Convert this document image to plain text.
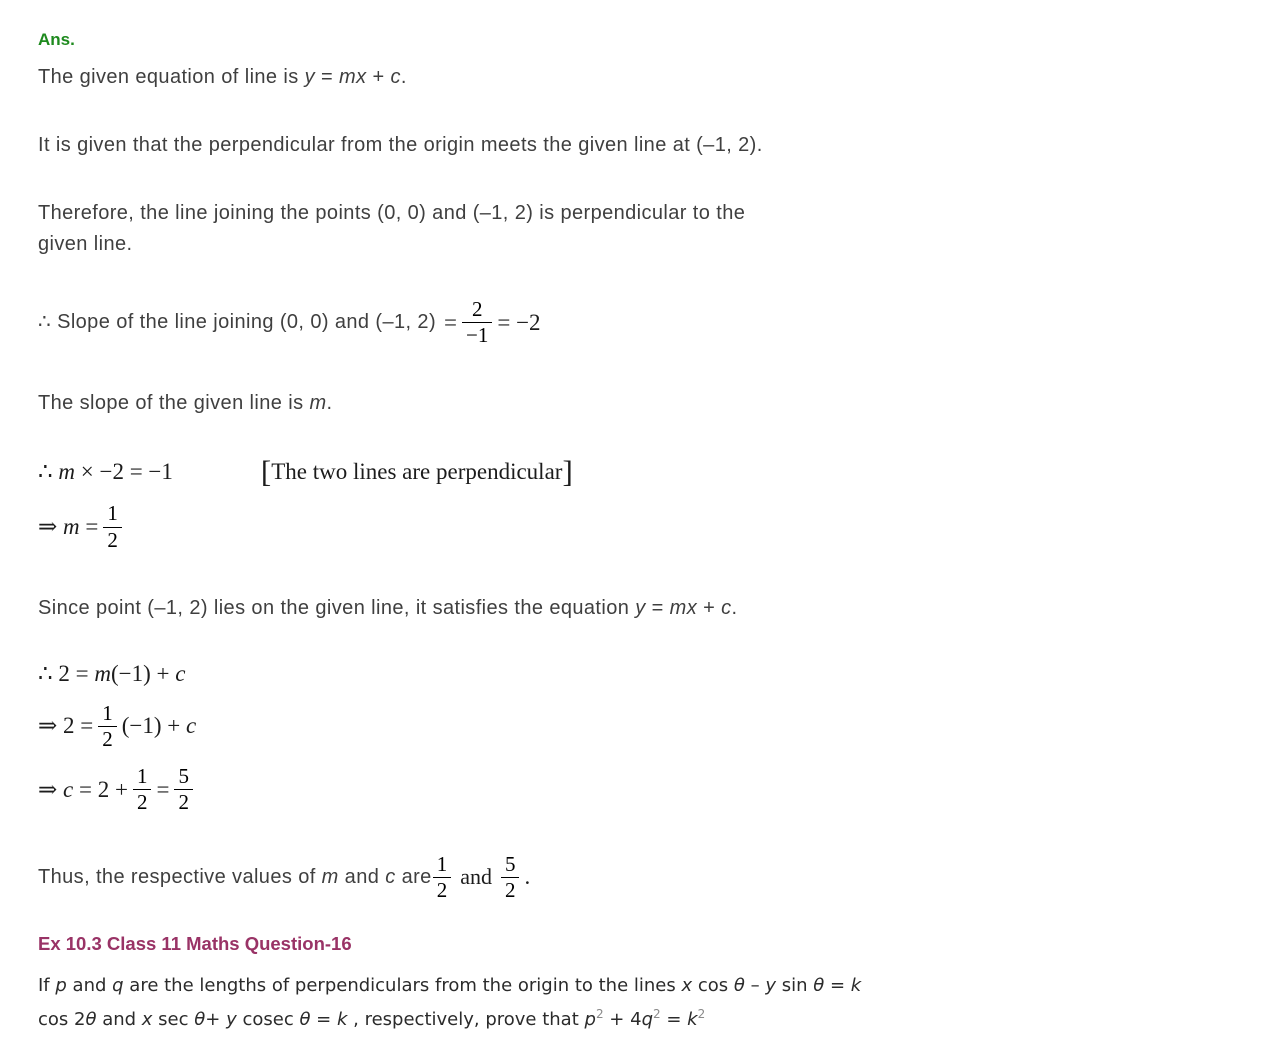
Ans.

The given equation of line is y = mx + c.

It is given that the perpendicular from the origin meets the given line at (–1, 2).

Therefore, the line joining the points (0, 0) and (–1, 2) is perpendicular to the
given line.

∴ Slope of the line joining (0, 0) and (–1, $2) = \frac{2}{-1} = -2$

The slope of the given line is m.

∴ m × −2 = −1	[The two lines are perpendicular]
⇒ $m = \frac{1}{2}$

Since point (–1, 2) lies on the given line, it satisfies the equation y = mx + c.

∴ 2 = m(−1) + c
⇒ $2 = \frac{1}{2} (-1) + c$
⇒ $c = 2 + \frac{1}{2} = \frac{5}{2}$
Thus, the respective values of m and c are $\frac{1}{2}$ and $\frac{5}{2}$ .
Ex 10.3 Class 11 Maths Question-16

If p and q are the lengths of perpendiculars from the origin to the lines x cos θ – y sin θ = k

cos 2θ and x sec θ+ y cosec θ = k , respectively, prove that $p^2 + 4q^2 = k^2$
